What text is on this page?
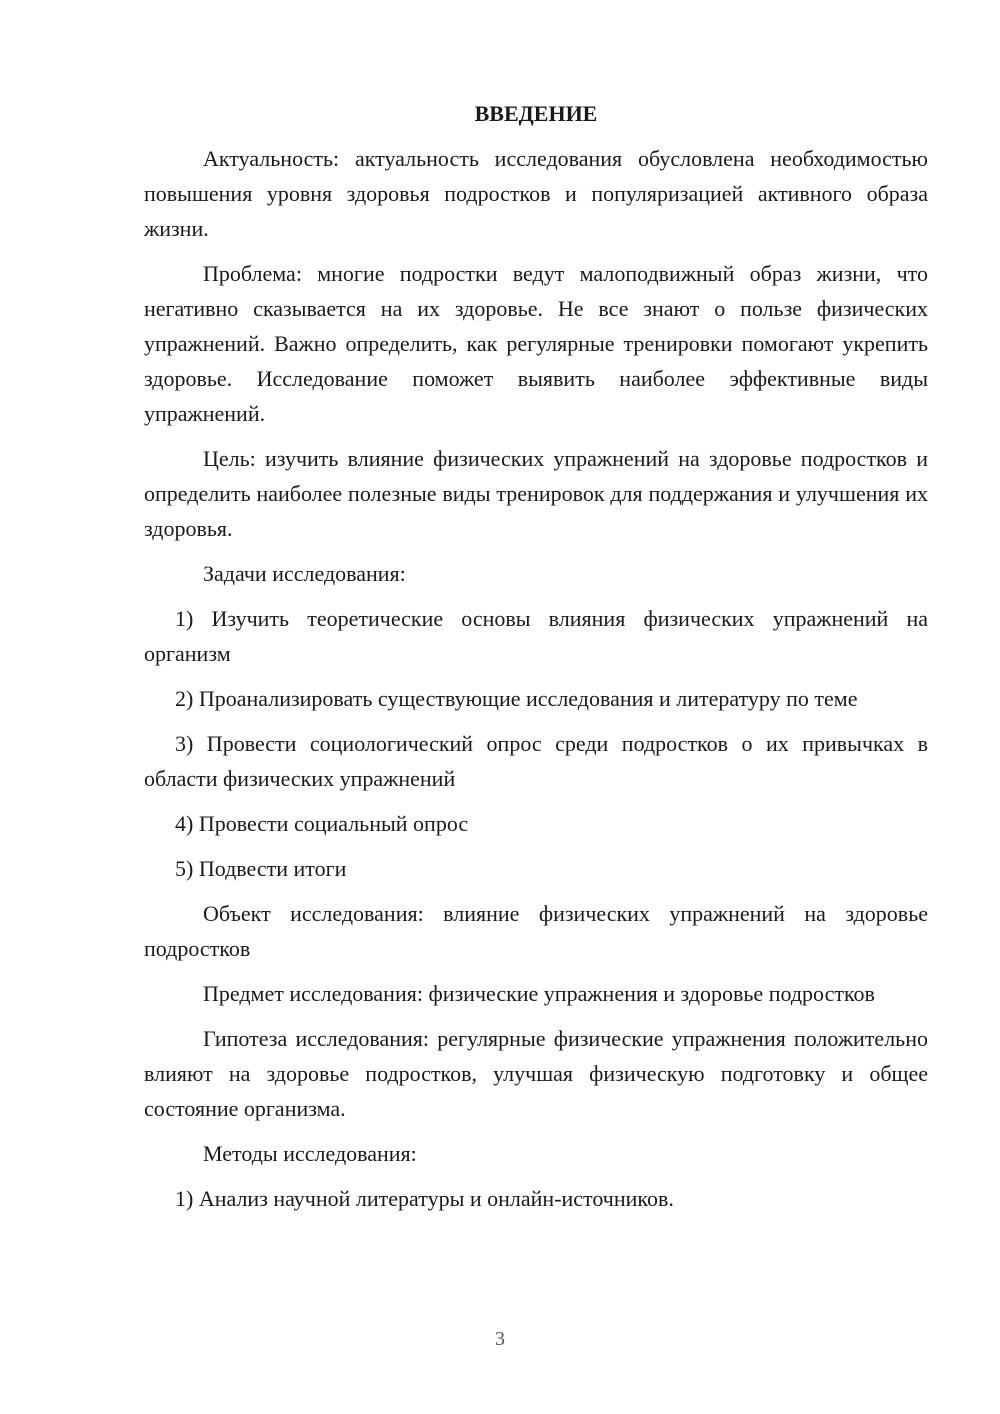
ВВЕДЕНИЕ

Актуальность: актуальность исследования обусловлена необходимостью повышения уровня здоровья подростков и популяризацией активного образа жизни.

Проблема: многие подростки ведут малоподвижный образ жизни, что негативно сказывается на их здоровье. Не все знают о пользе физических упражнений. Важно определить, как регулярные тренировки помогают укрепить здоровье. Исследование поможет выявить наиболее эффективные виды упражнений.

Цель: изучить влияние физических упражнений на здоровье подростков и определить наиболее полезные виды тренировок для поддержания и улучшения их здоровья.

Задачи исследования:

1) Изучить теоретические основы влияния физических упражнений на организм

2) Проанализировать существующие исследования и литературу по теме

3) Провести социологический опрос среди подростков о их привычках в области физических упражнений

4) Провести социальный опрос

5) Подвести итоги

Объект исследования: влияние физических упражнений на здоровье подростков

Предмет исследования: физические упражнения и здоровье подростков

Гипотеза исследования: регулярные физические упражнения положительно влияют на здоровье подростков, улучшая физическую подготовку и общее состояние организма.

Методы исследования:

1) Анализ научной литературы и онлайн-источников.

3
